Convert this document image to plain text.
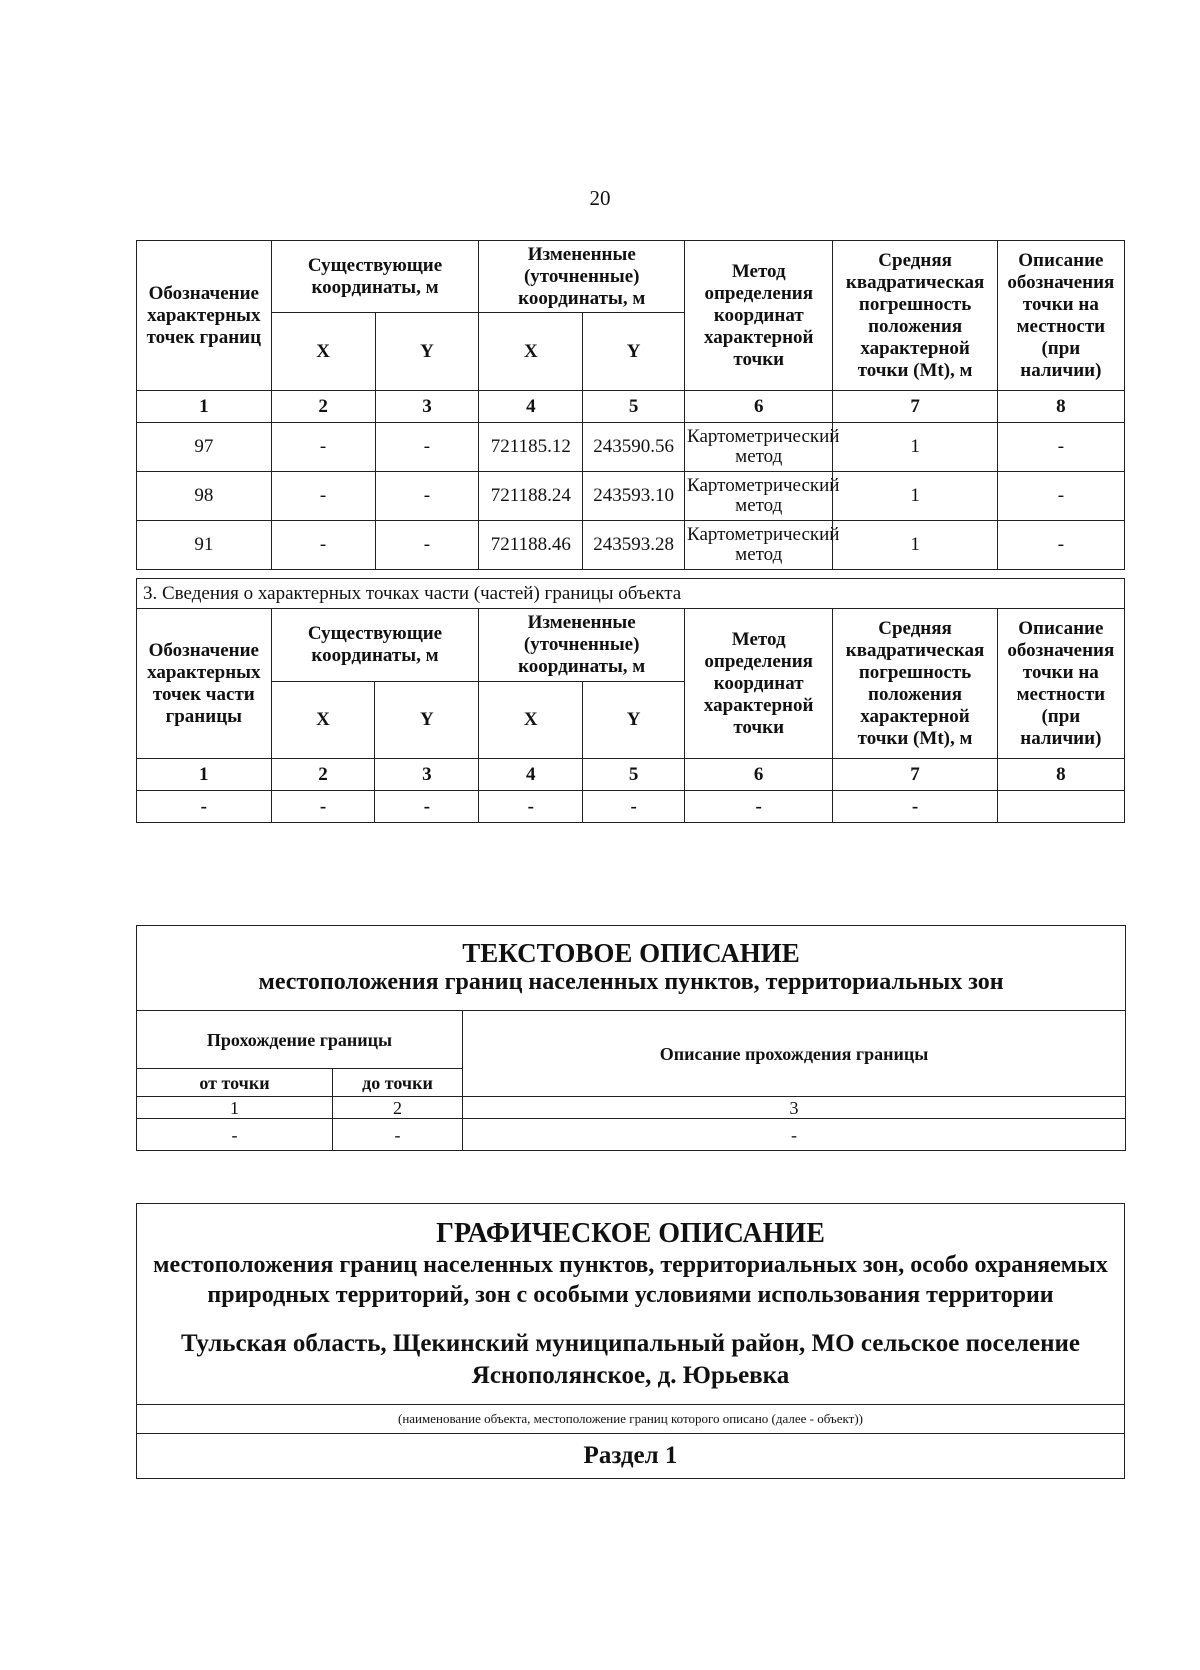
20
Обозначение характерных точек границ	Существующие координаты, м		Измененные (уточненные) координаты, м		Метод определения координат характерной точки	Средняя квадратическая погрешность положения характерной точки (Mt), м	Описание обозначения точки на местности (при наличии)
	X	Y	X	Y			
1	2	3	4	5	6	7	8
97	-	-	721185.12	243590.56	Картометрический метод	1	-
98	-	-	721188.24	243593.10	Картометрический метод	1	-
91	-	-	721188.46	243593.28	Картометрический метод	1	-
3. Сведения о характерных точках части (частей) границы объекта							
Обозначение характерных точек части границы	Существующие координаты, м		Измененные (уточненные) координаты, м		Метод определения координат характерной точки	Средняя квадратическая погрешность положения характерной точки (Mt), м	Описание обозначения точки на местности (при наличии)
	X	Y	X	Y			
1	2	3	4	5	6	7	8
-	-	-	-	-	-	-	
ТЕКСТОВОЕ ОПИСАНИЕ
местоположения границ населенных пунктов, территориальных зон		

Прохождение границы		Описание прохождения границы
от точки	до точки	
1	2	3
-	-	-
ГРАФИЧЕСКОЕ ОПИСАНИЕ
местоположения границ населенных пунктов, территориальных зон, особо охраняемых природных территорий, зон с особыми условиями использования территории
Тульская область, Щекинский муниципальный район, МО сельское поселение Яснополянское, д. Юрьевка

(наименование объекта, местоположение границ которого описано (далее - объект))
Раздел 1
